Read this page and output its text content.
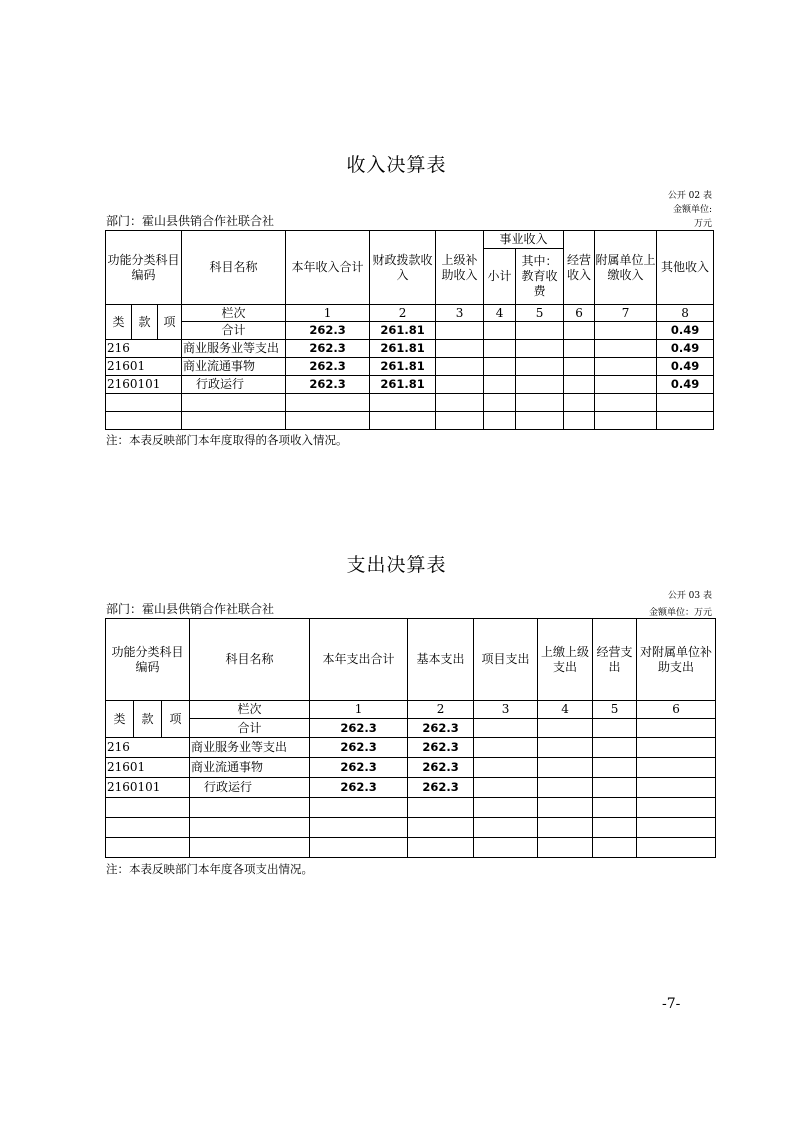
收入决算表
公开 02 表
金额单位:
万元
部门：霍山县供销合作社联合社
功能分类科目编码			科目名称	本年收入合计	财政拨款收入	上级补助收入	事业收入		经营收入	附属单位上缴收入	其他收入
							小计	其中：教育收费			
类	款	项	栏次	1	2	3	4	5	6	7	8
			合计	262.3	261.81						0.49
216			商业服务业等支出	262.3	261.81						0.49
21601			商业流通事物	262.3	261.81						0.49
2160101			行政运行	262.3	261.81						0.49

注：本表反映部门本年度取得的各项收入情况。
支出决算表
公开 03 表
金额单位：万元
部门：霍山县供销合作社联合社
功能分类科目编码			科目名称	本年支出合计	基本支出	项目支出	上缴上级支出	经营支出	对附属单位补助支出
类	款	项	栏次	1	2	3	4	5	6
			合计	262.3	262.3				
216			商业服务业等支出	262.3	262.3				
21601			商业流通事物	262.3	262.3				
2160101			行政运行	262.3	262.3				

注：本表反映部门本年度各项支出情况。
-7-
